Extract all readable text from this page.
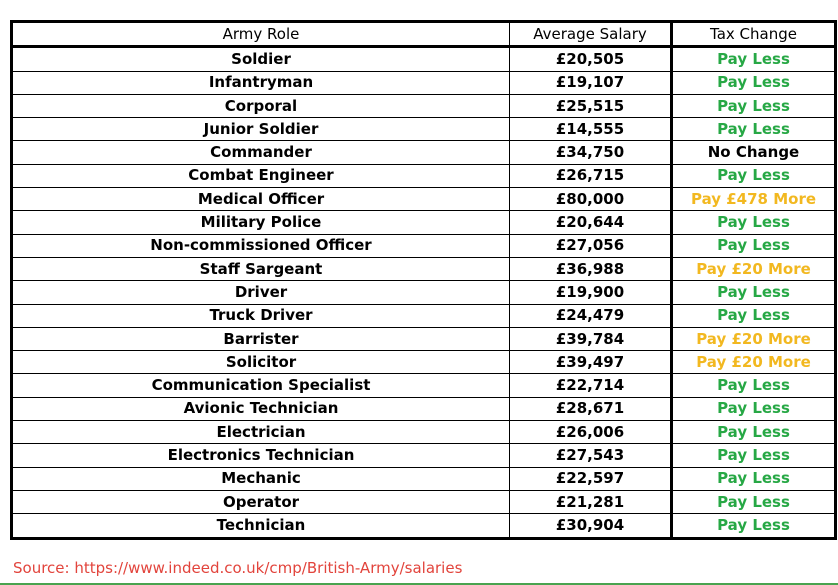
Army Role	Average Salary	Tax Change
Soldier	£20,505	Pay Less
Infantryman	£19,107	Pay Less
Corporal	£25,515	Pay Less
Junior Soldier	£14,555	Pay Less
Commander	£34,750	No Change
Combat Engineer	£26,715	Pay Less
Medical Officer	£80,000	Pay £478 More
Military Police	£20,644	Pay Less
Non-commissioned Officer	£27,056	Pay Less
Staff Sargeant	£36,988	Pay £20 More
Driver	£19,900	Pay Less
Truck Driver	£24,479	Pay Less
Barrister	£39,784	Pay £20 More
Solicitor	£39,497	Pay £20 More
Communication Specialist	£22,714	Pay Less
Avionic Technician	£28,671	Pay Less
Electrician	£26,006	Pay Less
Electronics Technician	£27,543	Pay Less
Mechanic	£22,597	Pay Less
Operator	£21,281	Pay Less
Technician	£30,904	Pay Less
Source: https://www.indeed.co.uk/cmp/British-Army/salaries
